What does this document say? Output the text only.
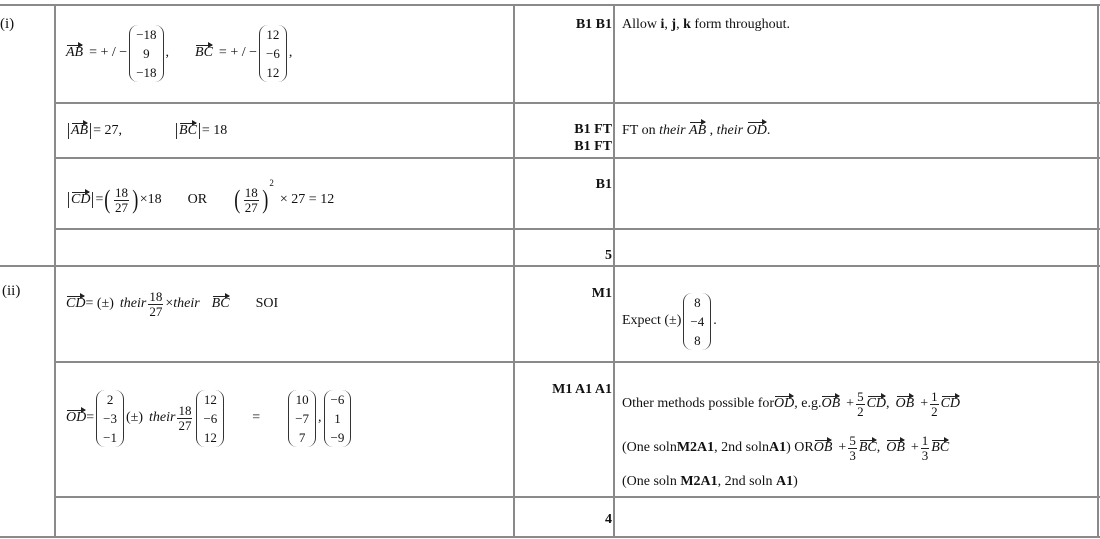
(i)
(ii)
AB = + / −
−18
9
−18
, BC = + / −
12
−6
12
,
B1 B1 Allow i, j, k form throughout.
AB = 27,	BC = 18	B1 FT
B1 FT
FT on their AB , their OD.
CD = ( $\frac{18}{27}$ ) ×18 OR ( $\frac{18}{27}$ )
$^2$
× 27 = 12
B1
5
CD = (±) their $\frac{18}{27}$ × their BC SOI
M1
Expect (±)
8
−4
8
.
OD =
2
−3
−1
(±) their $\frac{18}{27}$
12
−6
12
=
10
−7
7
,
−6
1
−9
M1 A1 A1
Other methods possible for OD , e.g. OB + $\frac{5}{2}$ CD , OB + $\frac{1}{2}$ CD
(One soln M2A1 , 2nd soln A1 ) OR OB + $\frac{5}{3}$ BC , OB + $\frac{1}{3}$ BC
(One soln M2A1, 2nd soln A1)
4
